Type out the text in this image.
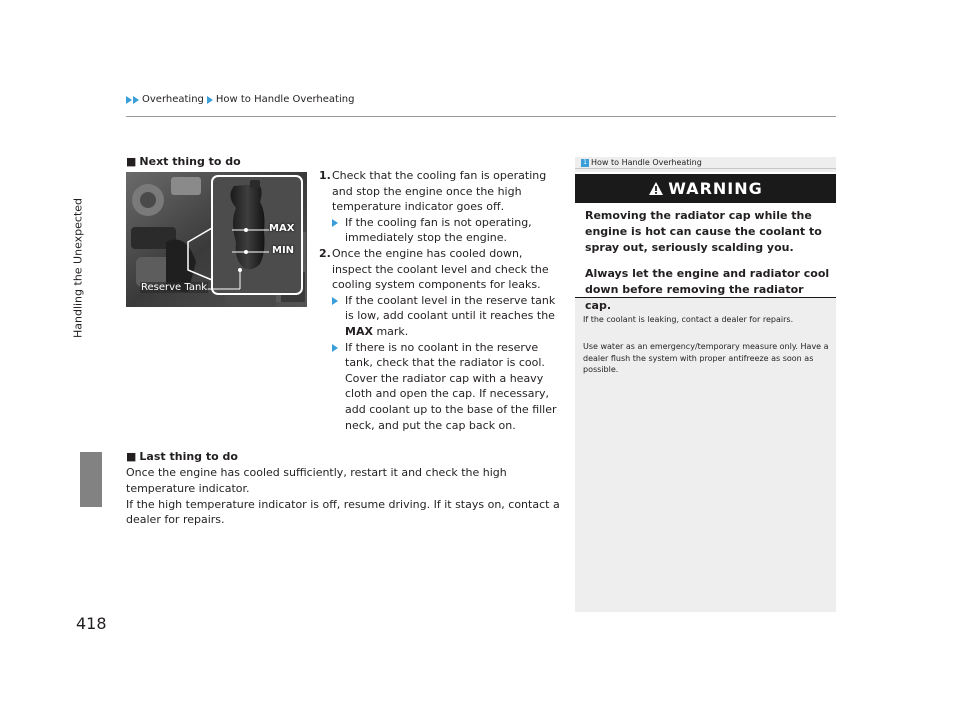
Overheating How to Handle Overheating
Handling the Unexpected
418
■ Next thing to do
MAX
MIN
Reserve Tank
1. Check that the cooling fan is operating and stop the engine once the high temperature indicator goes off.
If the cooling fan is not operating, immediately stop the engine.
2. Once the engine has cooled down, inspect the coolant level and check the cooling system components for leaks.
If the coolant level in the reserve tank is low, add coolant until it reaches the MAX mark.
If there is no coolant in the reserve tank, check that the radiator is cool. Cover the radiator cap with a heavy cloth and open the cap. If necessary, add coolant up to the base of the filler neck, and put the cap back on.
■ Last thing to do
Once the engine has cooled sufficiently, restart it and check the high temperature indicator.
If the high temperature indicator is off, resume driving. If it stays on, contact a dealer for repairs.
1 How to Handle Overheating
WARNING

Removing the radiator cap while the engine is hot can cause the coolant to spray out, seriously scalding you.

Always let the engine and radiator cool down before removing the radiator cap.

If the coolant is leaking, contact a dealer for repairs.
Use water as an emergency/temporary measure only. Have a dealer flush the system with proper antifreeze as soon as possible.
